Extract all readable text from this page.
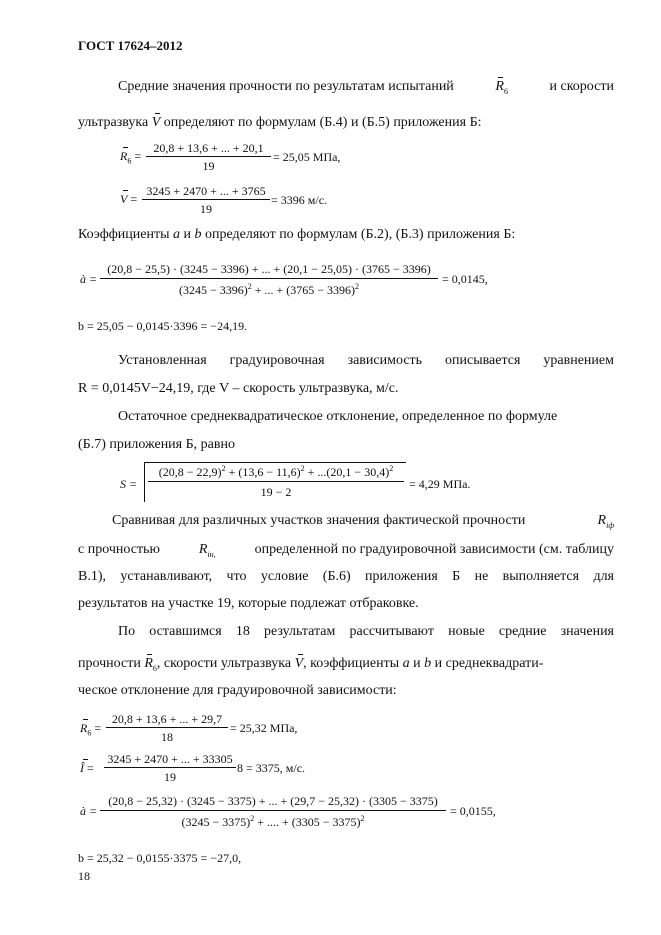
ГОСТ 17624–2012
Средние значения прочности по результатам испытаний	$R_6$	и скорости
ультразвука V определяют по формулам (Б.4) и (Б.5) приложения Б:
$R_6$ =
20,8 + 13,6 + ... + 20,1
19
= 25,05 МПа,
V =
3245 + 2470 + ... + 3765
19
= 3396 м/с.
Коэффициенты a и b определяют по формулам (Б.2), (Б.3) приложения Б:
à =
(20,8 − 25,5) · (3245 − 3396) + ... + (20,1 − 25,05) · (3765 − 3396)
$(3245 - 3396)^2$ + ... + $(3765 - 3396)^2$
= 0,0145,
b = 25,05 − 0,0145·3396 = −24,19.
Установленная градуировочная зависимость описывается уравнением
R = 0,0145V−24,19, где V – скорость ультразвука, м/с.
Остаточное среднеквадратическое отклонение, определенное по формуле
(Б.7) приложения Б, равно
S =
$(20,8 - 22,9)^2 + (13,6 - 11,6)^2 + ...(20,1 - 30,4)^2$
19 − 2
= 4,29 МПа.
Сравнивая для различных участков значения фактической прочности	$R_{iф}$
с прочностью	$R_{iн,}$	определенной по градуировочной зависимости (см. таблицу
В.1), устанавливают, что условие (Б.6) приложения Б не выполняется для
результатов на участке 19, которые подлежат отбраковке.
По оставшимся 18 результатам рассчитывают новые средние значения
прочности $R_6$, скорости ультразвука V, коэффициенты a и b и среднеквадрати-
ческое отклонение для градуировочной зависимости:
$R_6$ =
20,8 + 13,6 + ... + 29,7
18
= 25,32 МПа,
Î =
3245 + 2470 + ... + 33305
19
8 = 3375, м/с.
à =
(20,8 − 25,32) · (3245 − 3375) + ... + (29,7 − 25,32) · (3305 − 3375)
$(3245 - 3375)^2$ + .... + $(3305 - 3375)^2$
= 0,0155,
b = 25,32 − 0,0155·3375 = −27,0,
18
